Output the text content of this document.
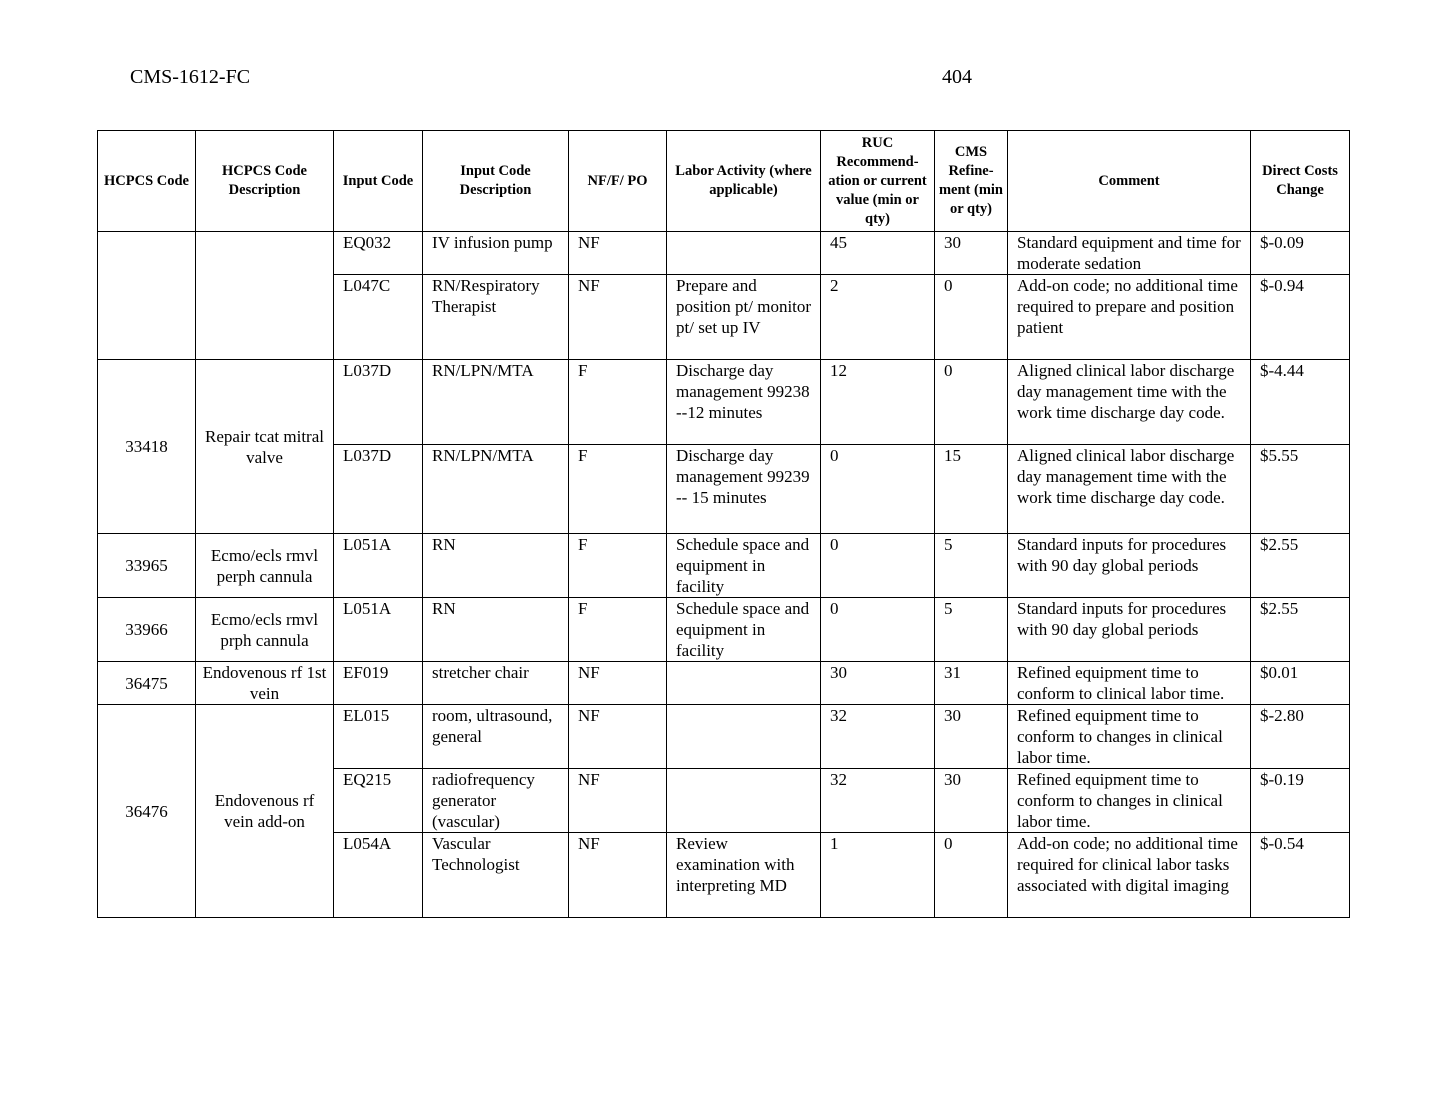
CMS-1612-FC	404
HCPCS Code	HCPCS Code Description	Input Code	Input Code Description	NF/F/ PO	Labor Activity (where applicable)	RUC Recommend-ation or current value (min or qty)	CMS Refine-ment (min or qty)	Comment	Direct Costs Change
		EQ032	IV infusion pump	NF		45	30	Standard equipment and time for moderate sedation	$-0.09
		L047C	RN/Respiratory Therapist	NF	Prepare and position pt/ monitor pt/ set up IV	2	0	Add-on code; no additional time required to prepare and position patient	$-0.94
33418	Repair tcat mitral valve	L037D	RN/LPN/MTA	F	Discharge day management 99238 --12 minutes	12	0	Aligned clinical labor discharge day management time with the work time discharge day code.	$-4.44
		L037D	RN/LPN/MTA	F	Discharge day management 99239 -- 15 minutes	0	15	Aligned clinical labor discharge day management time with the work time discharge day code.	$5.55
33965	Ecmo/ecls rmvl perph cannula	L051A	RN	F	Schedule space and equipment in facility	0	5	Standard inputs for procedures with 90 day global periods	$2.55
33966	Ecmo/ecls rmvl prph cannula	L051A	RN	F	Schedule space and equipment in facility	0	5	Standard inputs for procedures with 90 day global periods	$2.55
36475	Endovenous rf 1st vein	EF019	stretcher chair	NF		30	31	Refined equipment time to conform to clinical labor time.	$0.01
36476	Endovenous rf vein add-on	EL015	room, ultrasound, general	NF		32	30	Refined equipment time to conform to changes in clinical labor time.	$-2.80
		EQ215	radiofrequency generator (vascular)	NF		32	30	Refined equipment time to conform to changes in clinical labor time.	$-0.19
		L054A	Vascular Technologist	NF	Review examination with interpreting MD	1	0	Add-on code; no additional time required for clinical labor tasks associated with digital imaging	$-0.54
